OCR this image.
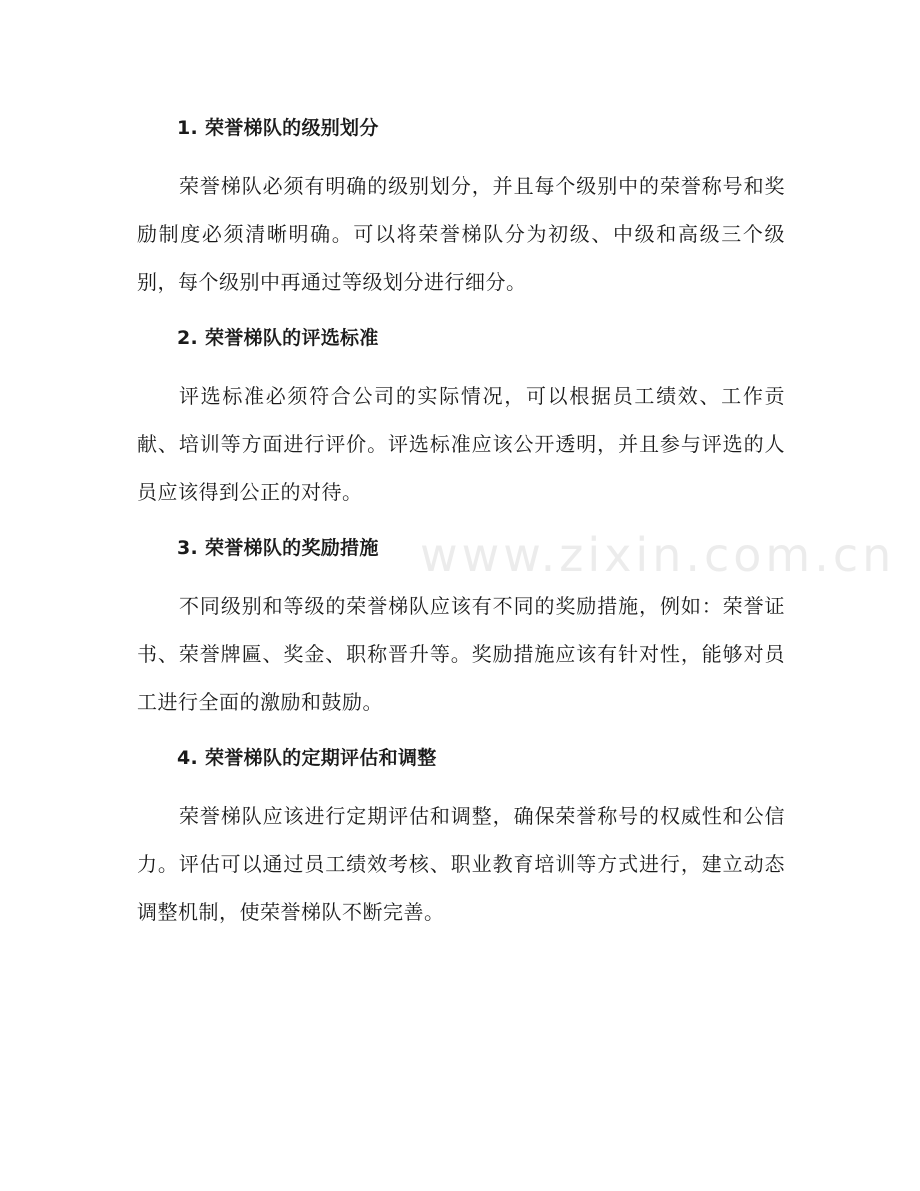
www.zixin.com.cn
1. 荣誉梯队的级别划分

荣誉梯队必须有明确的级别划分，并且每个级别中的荣誉称号和奖励制度必须清晰明确。可以将荣誉梯队分为初级、中级和高级三个级别，每个级别中再通过等级划分进行细分。

2. 荣誉梯队的评选标准

评选标准必须符合公司的实际情况，可以根据员工绩效、工作贡献、培训等方面进行评价。评选标准应该公开透明，并且参与评选的人员应该得到公正的对待。

3. 荣誉梯队的奖励措施

不同级别和等级的荣誉梯队应该有不同的奖励措施，例如：荣誉证书、荣誉牌匾、奖金、职称晋升等。奖励措施应该有针对性，能够对员工进行全面的激励和鼓励。

4. 荣誉梯队的定期评估和调整

荣誉梯队应该进行定期评估和调整，确保荣誉称号的权威性和公信力。评估可以通过员工绩效考核、职业教育培训等方式进行，建立动态调整机制，使荣誉梯队不断完善。
